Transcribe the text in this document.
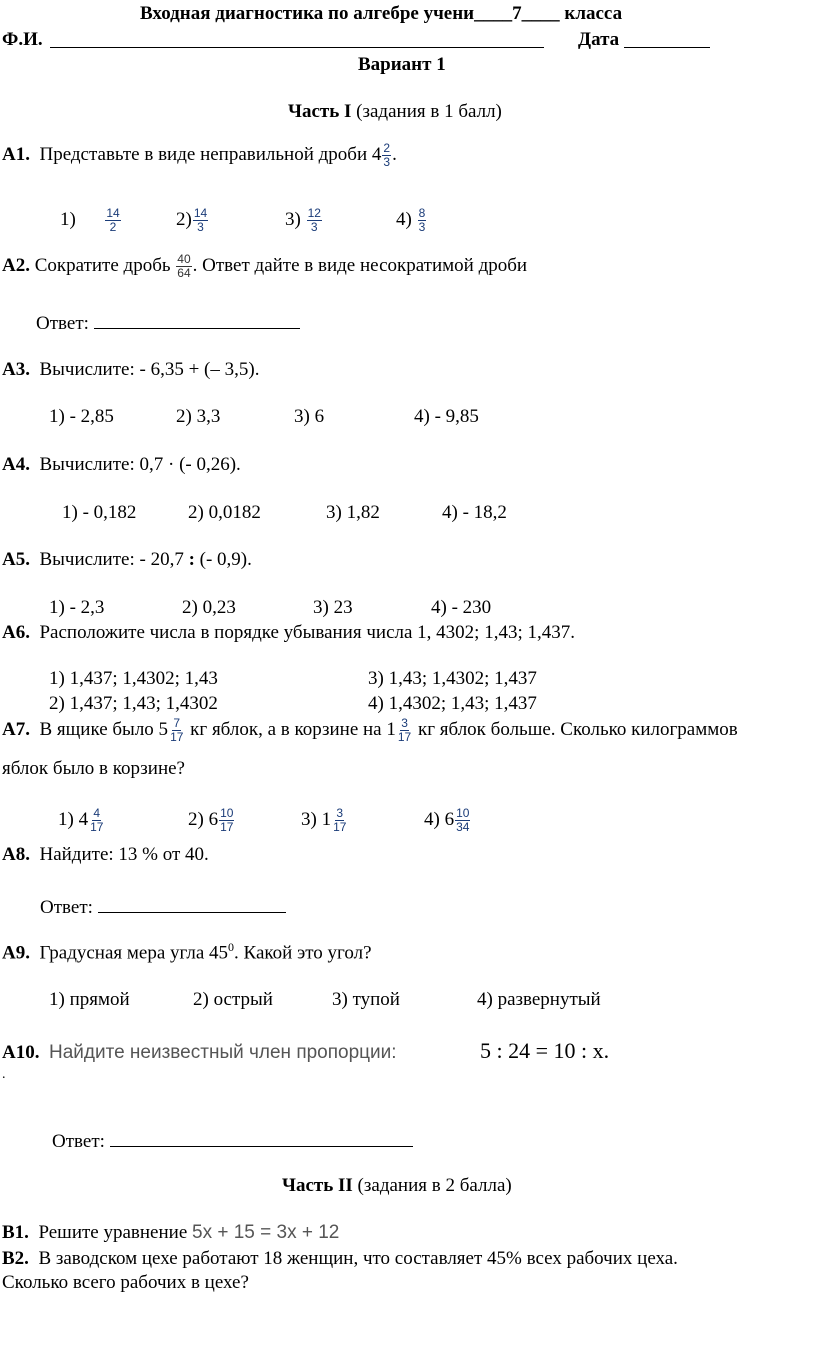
Входная диагностика по алгебре учени____7____ класса
Ф.И.	Дата
Вариант 1
Часть I (задания в 1 балл)
А1. Представьте в виде неправильной дроби $4 \frac{2}{3}$ .
$1) \frac{14}{2}$	$2) \frac{14}{3}$	$3) \frac{12}{3}$	$4) \frac{8}{3}$
А2. Сократите дробь $\frac{40}{64}$ . Ответ дайте в виде несократимой дроби
Ответ:
А3. Вычислите: - 6,35 + (– 3,5).
1) - 2,85	2) 3,3	3) 6	4) - 9,85
А4. Вычислите: 0,7 · (- 0,26).
1) - 0,182	2) 0,0182	3) 1,82	4) - 18,2
А5. Вычислите: - 20,7 : (- 0,9).
1) - 2,3	2) 0,23	3) 23	4) - 230
А6. Расположите числа в порядке убывания числа 1, 4302; 1,43; 1,437.
1) 1,437; 1,4302; 1,43	3) 1,43; 1,4302; 1,437
2) 1,437; 1,43; 1,4302	4) 1,4302; 1,43; 1,437
А7. В ящике было $5 \frac{7}{17}$ кг яблок, а в корзине на $1 \frac{3}{17}$ кг яблок больше. Сколько килограммов
яблок было в корзине?
1) $4 \frac{4}{17}$	2) $6 \frac{10}{17}$	3) $1 \frac{3}{17}$	4) $6 \frac{10}{34}$
А8. Найдите: 13 % от 40.
Ответ:
А9. Градусная мера угла $45^0$. Какой это угол?
1) прямой	2) острый	3) тупой	4) развернутый
А10. Найдите неизвестный член пропорции:	5 : 24 = 10 : х.
.
Ответ:
Часть II (задания в 2 балла)
В1. Решите уравнение 5х + 15 = 3х + 12
В2. В заводском цехе работают 18 женщин, что составляет 45% всех рабочих цеха.
Сколько всего рабочих в цехе?
